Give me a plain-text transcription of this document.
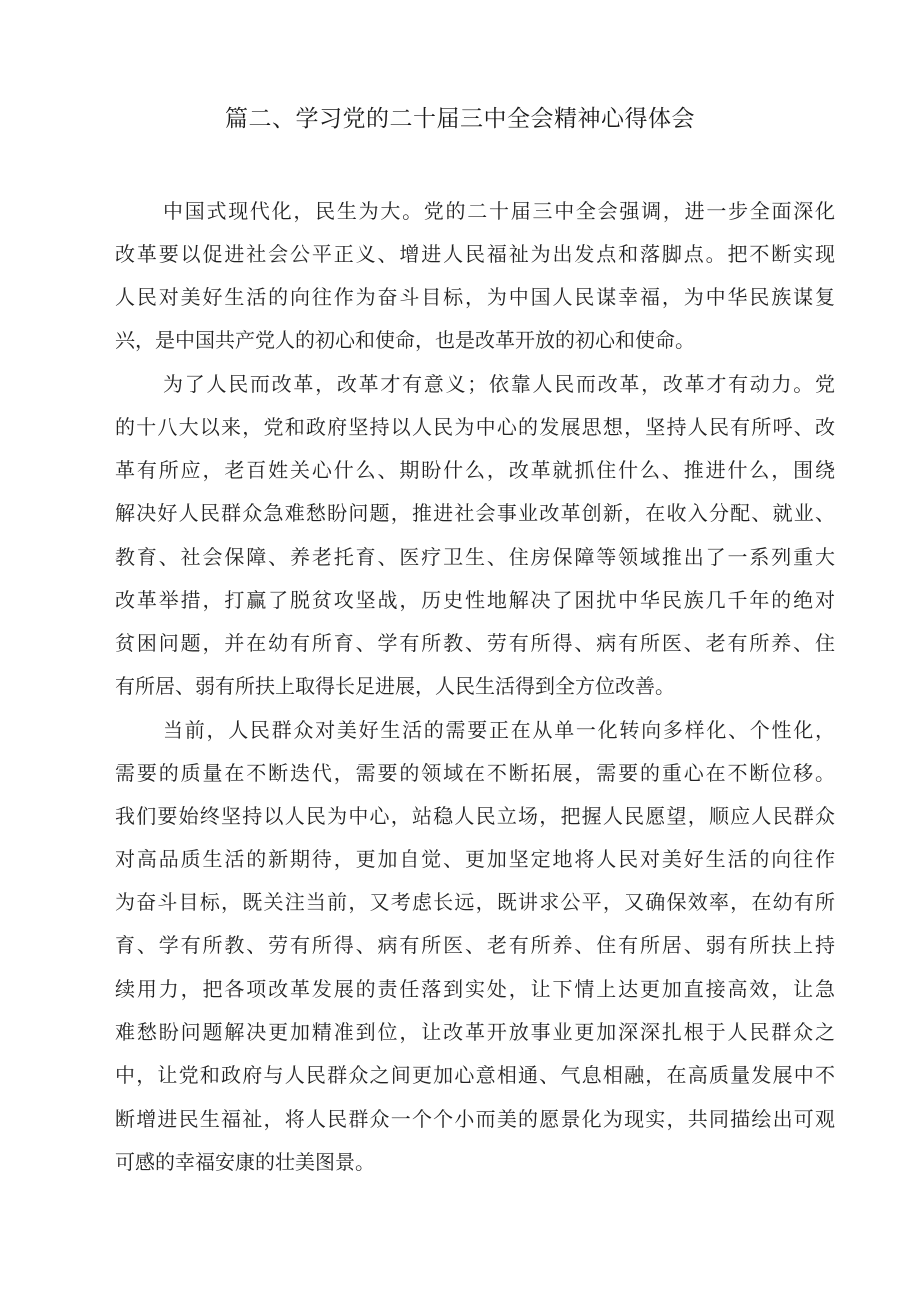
篇二、学习党的二十届三中全会精神心得体会
中国式现代化，民生为大。党的二十届三中全会强调，进一步全面深化
改革要以促进社会公平正义、增进人民福祉为出发点和落脚点。把不断实现
人民对美好生活的向往作为奋斗目标，为中国人民谋幸福，为中华民族谋复
兴，是中国共产党人的初心和使命，也是改革开放的初心和使命。
为了人民而改革，改革才有意义；依靠人民而改革，改革才有动力。党
的十八大以来，党和政府坚持以人民为中心的发展思想，坚持人民有所呼、改
革有所应，老百姓关心什么、期盼什么，改革就抓住什么、推进什么，围绕
解决好人民群众急难愁盼问题，推进社会事业改革创新，在收入分配、就业、
教育、社会保障、养老托育、医疗卫生、住房保障等领域推出了一系列重大
改革举措，打赢了脱贫攻坚战，历史性地解决了困扰中华民族几千年的绝对
贫困问题，并在幼有所育、学有所教、劳有所得、病有所医、老有所养、住
有所居、弱有所扶上取得长足进展，人民生活得到全方位改善。
当前，人民群众对美好生活的需要正在从单一化转向多样化、个性化，
需要的质量在不断迭代，需要的领域在不断拓展，需要的重心在不断位移。
我们要始终坚持以人民为中心，站稳人民立场，把握人民愿望，顺应人民群众
对高品质生活的新期待，更加自觉、更加坚定地将人民对美好生活的向往作
为奋斗目标，既关注当前，又考虑长远，既讲求公平，又确保效率，在幼有所
育、学有所教、劳有所得、病有所医、老有所养、住有所居、弱有所扶上持
续用力，把各项改革发展的责任落到实处，让下情上达更加直接高效，让急
难愁盼问题解决更加精准到位，让改革开放事业更加深深扎根于人民群众之
中，让党和政府与人民群众之间更加心意相通、气息相融，在高质量发展中不
断增进民生福祉，将人民群众一个个小而美的愿景化为现实，共同描绘出可观
可感的幸福安康的壮美图景。
